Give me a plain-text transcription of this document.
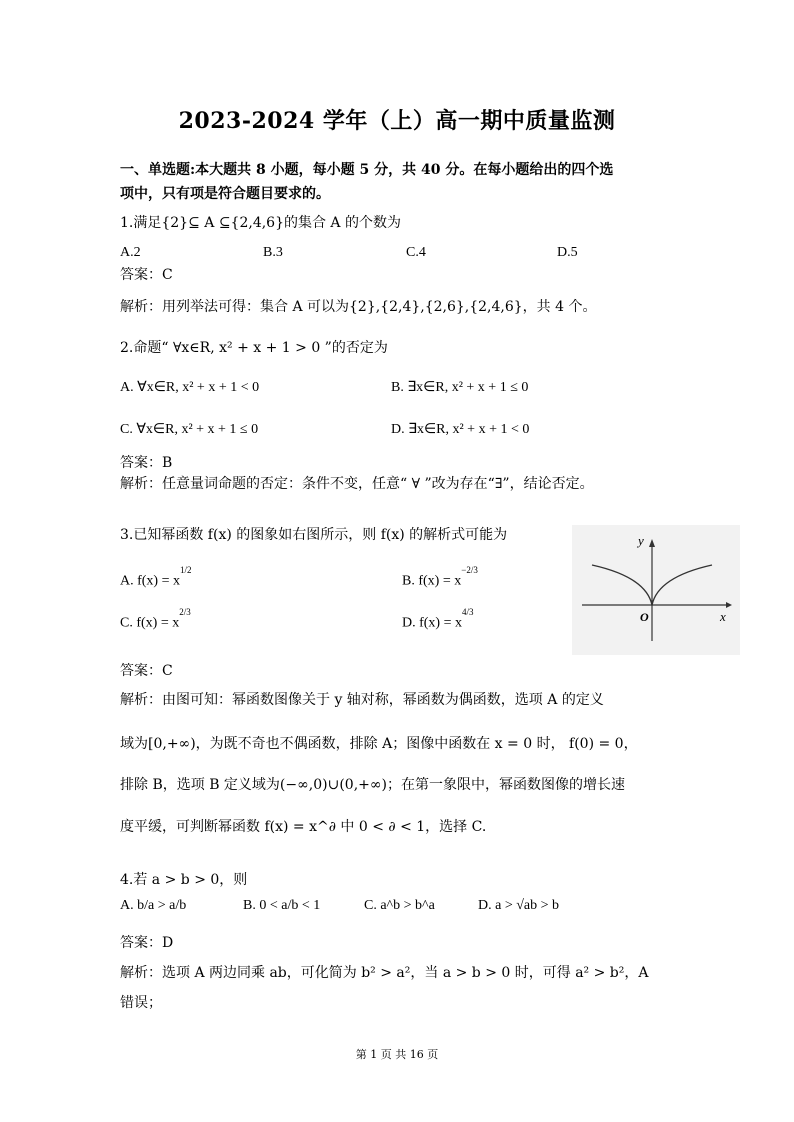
2023-2024 学年（上）高一期中质量监测
一、单选题:本大题共 8 小题，每小题 5 分，共 40 分。在每小题给出的四个选
项中，只有项是符合题目要求的。
1.满足{2}⊆ A ⊆{2,4,6}的集合 A 的个数为
A.2	B.3	C.4	D.5
答案：C
解析：用列举法可得：集合 A 可以为{2},{2,4},{2,6},{2,4,6}，共 4 个。
2.命题“ ∀x∈R, x² + x + 1 > 0 ”的否定为
A. ∀x∈R, x² + x + 1 < 0	B. ∃x∈R, x² + x + 1 ≤ 0
C. ∀x∈R, x² + x + 1 ≤ 0	D. ∃x∈R, x² + x + 1 < 0
答案：B
解析：任意量词命题的否定：条件不变，任意“ ∀ ”改为存在“∃”，结论否定。
3.已知幂函数 f(x) 的图象如右图所示，则 f(x) 的解析式可能为
A. $f(x) = x^{1/2}$
B. $f(x) = x^{-2/3}$
C. $f(x) = x^{2/3}$
D. $f(x) = x^{4/3}$
y
x
O
答案：C
解析：由图可知：幂函数图像关于 y 轴对称，幂函数为偶函数，选项 A 的定义
域为[0,+∞)，为既不奇也不偶函数，排除 A；图像中函数在 x = 0 时， f(0) = 0，
排除 B，选项 B 定义域为(−∞,0)∪(0,+∞)；在第一象限中，幂函数图像的增长速
度平缓，可判断幂函数 f(x) = x^∂ 中 0 < ∂ < 1，选择 C.
4.若 a > b > 0，则
A. b/a > a/b	B. 0 < a/b < 1	C. a^b > b^a	D. a > √ab > b
答案：D
解析：选项 A 两边同乘 ab，可化简为 b² > a²，当 a > b > 0 时，可得 a² > b²，A
错误；
第 1 页 共 16 页
